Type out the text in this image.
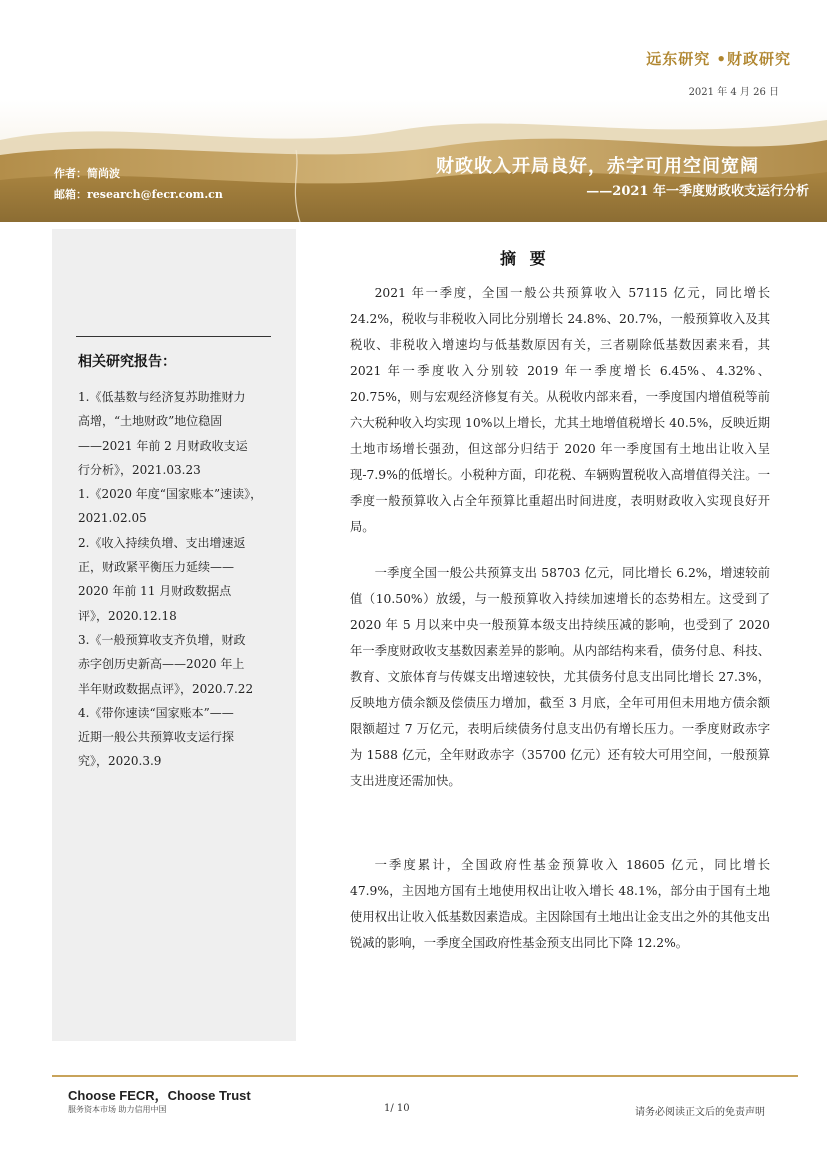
远东研究 •财政研究
2021 年 4 月 26 日
作者：简尚波
邮箱：research@fecr.com.cn
财政收入开局良好，赤字可用空间宽阔
——2021 年一季度财政收支运行分析
相关研究报告：
1.《低基数与经济复苏助推财力
高增，“土地财政”地位稳固
——2021 年前 2 月财政收支运
行分析》，2021.03.23
1.《2020 年度“国家账本”速读》，
2021.02.05
2.《收入持续负增、支出增速返
正，财政紧平衡压力延续——
2020 年前 11 月财政数据点
评》，2020.12.18
3.《一般预算收支齐负增，财政
赤字创历史新高——2020 年上
半年财政数据点评》，2020.7.22
4.《带你速读“国家账本”——
近期一般公共预算收支运行探
究》，2020.3.9
摘 要

2021 年一季度，全国一般公共预算收入 57115 亿元，同比增长 24.2%，税收与非税收入同比分别增长 24.8%、20.7%，一般预算收入及其税收、非税收入增速均与低基数原因有关，三者剔除低基数因素来看，其 2021 年一季度收入分别较 2019 年一季度增长 6.45%、4.32%、20.75%，则与宏观经济修复有关。从税收内部来看，一季度国内增值税等前六大税种收入均实现 10%以上增长，尤其土地增值税增长 40.5%，反映近期土地市场增长强劲，但这部分归结于 2020 年一季度国有土地出让收入呈现-7.9%的低增长。小税种方面，印花税、车辆购置税收入高增值得关注。一季度一般预算收入占全年预算比重超出时间进度，表明财政收入实现良好开局。

一季度全国一般公共预算支出 58703 亿元，同比增长 6.2%，增速较前值（10.50%）放缓，与一般预算收入持续加速增长的态势相左。这受到了 2020 年 5 月以来中央一般预算本级支出持续压减的影响，也受到了 2020 年一季度财政收支基数因素差异的影响。从内部结构来看，债务付息、科技、教育、文旅体育与传媒支出增速较快，尤其债务付息支出同比增长 27.3%，反映地方债余额及偿债压力增加，截至 3 月底，全年可用但未用地方债余额限额超过 7 万亿元，表明后续债务付息支出仍有增长压力。一季度财政赤字为 1588 亿元，全年财政赤字（35700 亿元）还有较大可用空间，一般预算支出进度还需加快。

一季度累计，全国政府性基金预算收入 18605 亿元，同比增长 47.9%，主因地方国有土地使用权出让收入增长 48.1%，部分由于国有土地使用权出让收入低基数因素造成。主因除国有土地出让金支出之外的其他支出锐减的影响，一季度全国政府性基金预支出同比下降 12.2%。

Choose FECR，Choose Trust
服务资本市场 助力信用中国	1/ 10	请务必阅读正文后的免责声明
